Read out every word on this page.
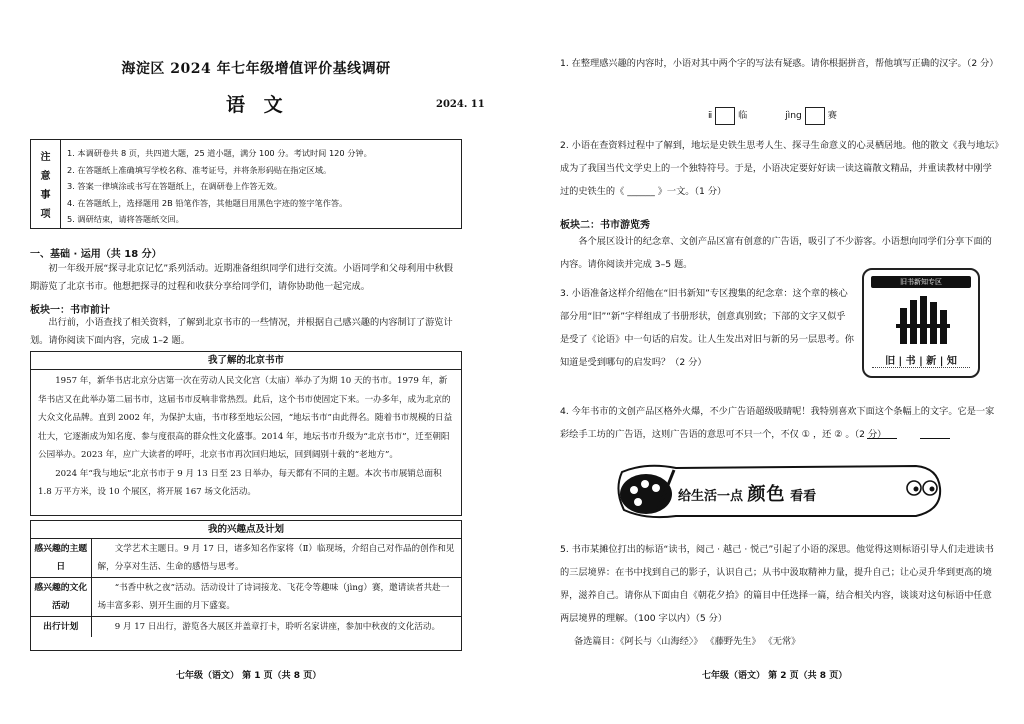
海淀区 2024 年七年级增值评价基线调研
语 文	2024. 11
注
意
事
项
1. 本调研卷共 8 页，共四道大题，25 道小题，满分 100 分。考试时间 120 分钟。
2. 在答题纸上准确填写学校名称、准考证号，并将条形码贴在指定区域。
3. 答案一律填涂或书写在答题纸上，在调研卷上作答无效。
4. 在答题纸上，选择题用 2B 铅笔作答，其他题目用黑色字迹的签字笔作答。
5. 调研结束，请将答题纸交回。
一、基础 · 运用（共 18 分）
初一年级开展“探寻北京记忆”系列活动。近期准备组织同学们进行交流。小语同学和父母利用中秋假期游览了北京书市。他想把探寻的过程和收获分享给同学们，请你协助他一起完成。
板块一：书市前计
出行前，小语查找了相关资料，了解到北京书市的一些情况，并根据自己感兴趣的内容制订了游览计划。请你阅读下面内容，完成 1–2 题。
我了解的北京书市

1957 年，新华书店北京分店第一次在劳动人民文化宫（太庙）举办了为期 10 天的书市。1979 年，新华书店又在此举办第二届书市，这届书市反响非常热烈。此后，这个书市使固定下来。一办多年，成为北京的大众文化品牌。直到 2002 年，为保护太庙，书市移至地坛公园，“地坛书市”由此得名。随着书市规模的日益壮大，它逐渐成为知名度、参与度很高的群众性文化盛事。2014 年，地坛书市升级为“北京书市”，迁至朝阳公园举办。2023 年，应广大读者的呼吁，北京书市再次回归地坛，回到阔别十载的“老地方”。

2024 年“我与地坛”北京书市于 9 月 13 日至 23 日举办，每天都有不同的主题。本次书市展销总面积 1.8 万平方米，设 10 个展区，将开展 167 场文化活动。

我的兴趣点及计划
感兴趣的主题日	文学艺术主题日。9 月 17 日，诸多知名作家将（Ⅱ）临现场，介绍自己对作品的创作和见解，分享对生活、生命的感悟与思考。
感兴趣的文化活动	“书香中秋之夜”活动。活动设计了诗词接龙、飞花令等趣味（jìng）赛，邀请读者共赴一场丰富多彩、别开生面的月下盛宴。
出行计划	9 月 17 日出行，游览各大展区并盖章打卡，聆听名家讲座，参加中秋夜的文化活动。
七年级（语文） 第 1 页（共 8 页）
1. 在整理感兴趣的内容时，小语对其中两个字的写法有疑惑。请你根据拼音，帮他填写正确的汉字。（2 分）
ⅱ	临	jìng	赛
2. 小语在查资料过程中了解到，地坛是史铁生思考人生、探寻生命意义的心灵栖居地。他的散文《我与地坛》成为了我国当代文学史上的一个独特符号。于是，小语决定要好好读一读这篇散文精品，并重读教材中刚学过的史铁生的《 ______ 》一文。（1 分）
板块二：书市游览秀
各个展区设计的纪念章、文创产品区富有创意的广告语，吸引了不少游客。小语想向同学们分享下面的内容。请你阅读并完成 3–5 题。
3. 小语准备这样介绍他在“旧书新知”专区搜集的纪念章：这个章的核心部分用“旧”“新”字样组成了书册形状，创意真别致；下部的文字又似乎是受了《论语》中一句话的启发。让人生发出对旧与新的另一层思考。你知道是受到哪句的启发吗？（2 分）
4. 今年书市的文创产品区格外火爆，不少广告语超级吸睛呢！我特别喜欢下面这个条幅上的文字。它是一家彩绘手工坊的广告语，这则广告语的意思可不只一个，不仅 ① ，还 ② 。（2 分）
5. 书市某摊位打出的标语“读书，阅己 · 越己 · 悦己”引起了小语的深思。他觉得这则标语引导人们走进读书的三层境界：在书中找到自己的影子，认识自己；从书中汲取精神力量，提升自己；让心灵升华到更高的境界，滋养自己。请你从下面由自《朝花夕拾》的篇目中任选择一篇，结合相关内容，谈谈对这句标语中任意两层境界的理解。（100 字以内）（5 分）
备选篇目：《阿长与〈山海经〉》 《藤野先生》 《无常》
七年级（语文） 第 2 页（共 8 页）
旧书新知专区
旧 | 书 | 新 | 知
给生活一点 颜色 看看
